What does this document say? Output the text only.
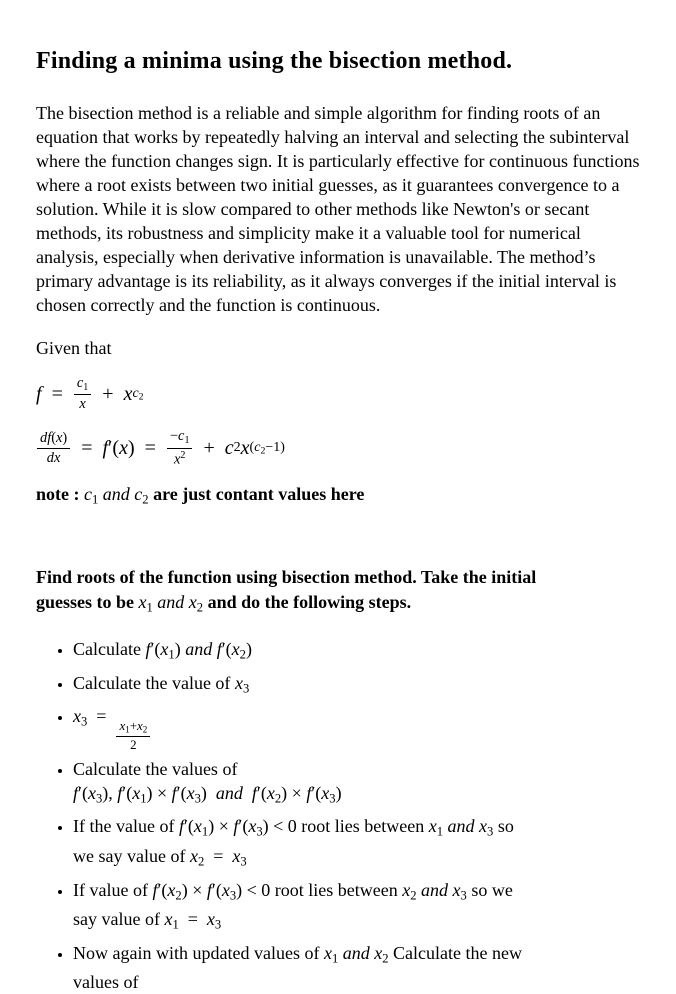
Finding a minima using the bisection method.

The bisection method is a reliable and simple algorithm for finding roots of an equation that works by repeatedly halving an interval and selecting the subinterval where the function changes sign. It is particularly effective for continuous functions where a root exists between two initial guesses, as it guarantees convergence to a solution. While it is slow compared to other methods like Newton's or secant methods, its robustness and simplicity make it a valuable tool for numerical analysis, especially when derivative information is unavailable. The method’s primary advantage is its reliability, as it always converges if the initial interval is chosen correctly and the function is continuous.

Given that

f  =  $\frac{c_1}{x}$  +  x $c_2$
$\frac{df(x)}{dx}$  =  f ′( x ) =  $\frac{-c_1}{x^2}$  +  c 2 x $(c_2-1)$

note : $c_1$ and $c_2$ are just contant values here

Find roots of the function using bisection method. Take the initial
guesses to be $x_1$ and $x_2$ and do the following steps.
• Calculate $f'(x_1)$ and $f'(x_2)$
• Calculate the value of $x_3$
• $x_3$ = 
$\frac{x_1+x_2}{2}$
• Calculate the values of
$f'(x_3)$, $f'(x_1) \times f'(x_3)$ and  $f'(x_2) \times f'(x_3)$
• If the value of $f'(x_1) \times f'(x_3) < 0$ root lies between $x_1$ and $x_3$ so
we say value of $x_2$ = $x_3$
• If value of $f'(x_2) \times f'(x_3) < 0$ root lies between $x_2$ and $x_3$ so we
say value of $x_1$ = $x_3$
• Now again with updated values of $x_1$ and $x_2$ Calculate the new
values of
